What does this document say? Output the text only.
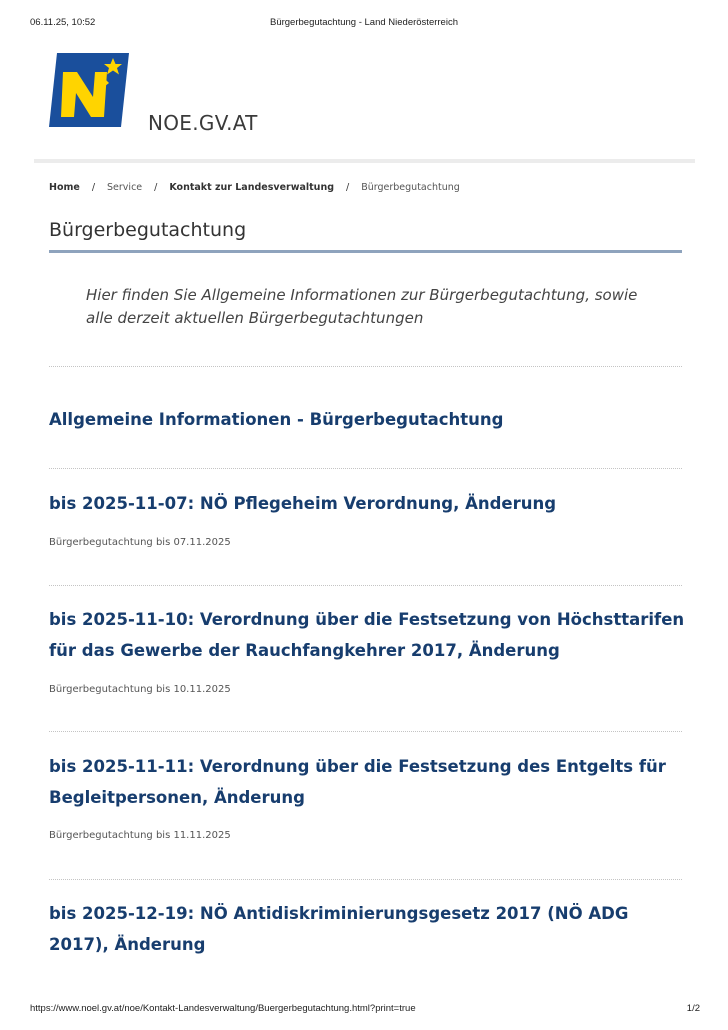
06.11.25, 10:52	Bürgerbegutachtung - Land Niederösterreich
NOE.GV.AT
Home / Service / Kontakt zur Landesverwaltung / Bürgerbegutachtung
Bürgerbegutachtung
Hier finden Sie Allgemeine Informationen zur Bürgerbegutachtung, sowie alle derzeit aktuellen Bürgerbegutachtungen
Allgemeine Informationen - Bürgerbegutachtung
bis 2025-11-07: NÖ Pflegeheim Verordnung, Änderung
Bürgerbegutachtung bis 07.11.2025
bis 2025-11-10: Verordnung über die Festsetzung von Höchsttarifen für das Gewerbe der Rauchfangkehrer 2017, Änderung
Bürgerbegutachtung bis 10.11.2025
bis 2025-11-11: Verordnung über die Festsetzung des Entgelts für Begleitpersonen, Änderung
Bürgerbegutachtung bis 11.11.2025
bis 2025-12-19: NÖ Antidiskriminierungsgesetz 2017 (NÖ ADG 2017), Änderung
https://www.noel.gv.at/noe/Kontakt-Landesverwaltung/Buergerbegutachtung.html?print=true	1/2
